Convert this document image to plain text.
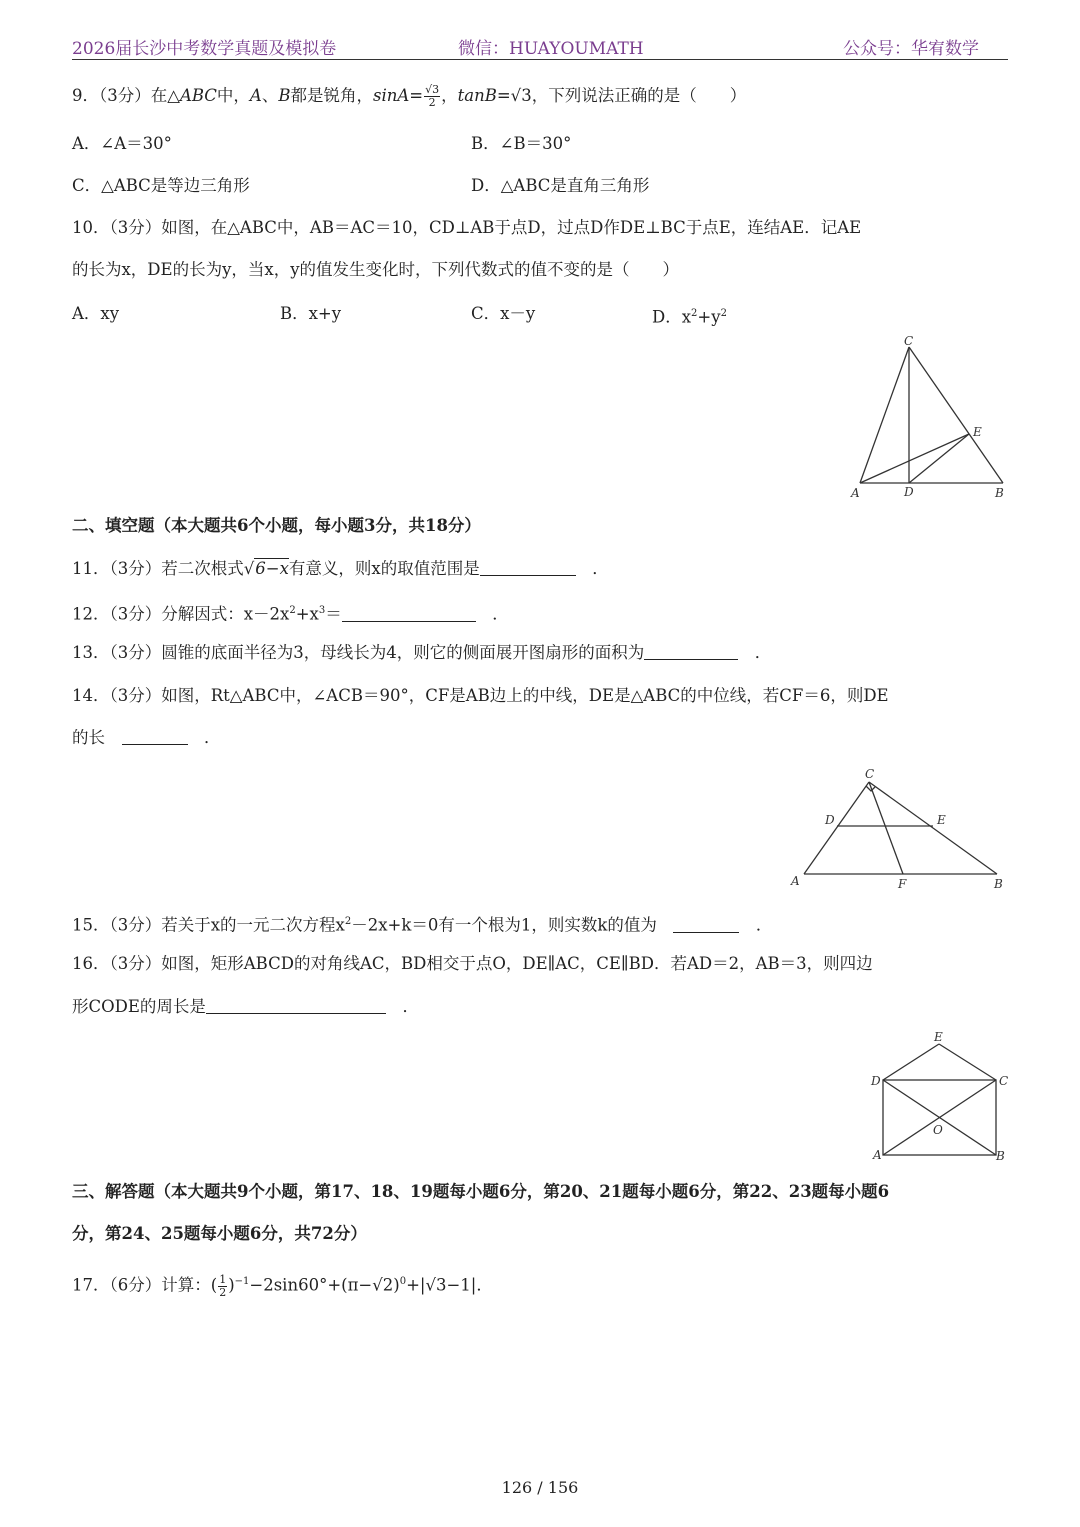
2026届长沙中考数学真题及模拟卷	微信：HUAYOUMATH	公众号：华宥数学
9．（3分）在△ABC中，A、B都是锐角，$\sin A= \frac{√3}{2}$ ，tanB=√3，下列说法正确的是（　　）
A．∠A＝30°	B．∠B＝30°
C．△ABC是等边三角形	D．△ABC是直角三角形
10．（3分）如图，在△ABC中，AB＝AC＝10，CD⊥AB于点D，过点D作DE⊥BC于点E，连结AE．记AE
的长为x，DE的长为y，当x，y的值发生变化时，下列代数式的值不变的是（　　）
A．xy	B．x+y	C．x－y	D．$x^2+y^2$
C
E
A	D	B
二、填空题（本大题共6个小题，每小题3分，共18分）
11．（3分）若二次根式√6−x有意义，则x的取值范围是　	．
12．（3分）分解因式：$x-2x^2+x^3=$　	．
13．（3分）圆锥的底面半径为3，母线长为4，则它的侧面展开图扇形的面积为　	．
14．（3分）如图，Rt△ABC中，∠ACB＝90°，CF是AB边上的中线，DE是△ABC的中位线，若CF＝6，则DE
的长　　	．
C
D	E
A	F	B
15．（3分）若关于x的一元二次方程$x^2-2x+k=0$有一个根为1，则实数k的值为　　	．
16．（3分）如图，矩形ABCD的对角线AC，BD相交于点O，DE∥AC，CE∥BD．若AD＝2，AB＝3，则四边
形CODE的周长是　	．
E
D	C
O
A	B
三、解答题（本大题共9个小题，第17、18、19题每小题6分，第20、21题每小题6分，第22、23题每小题6
分，第24、25题每小题6分，共72分）
17．（6分）计算：( $\frac{1}{2} )^{-1}-2\sin 60^\circ+(\pi-√2)^0+|√3-1|$．
126 / 156
